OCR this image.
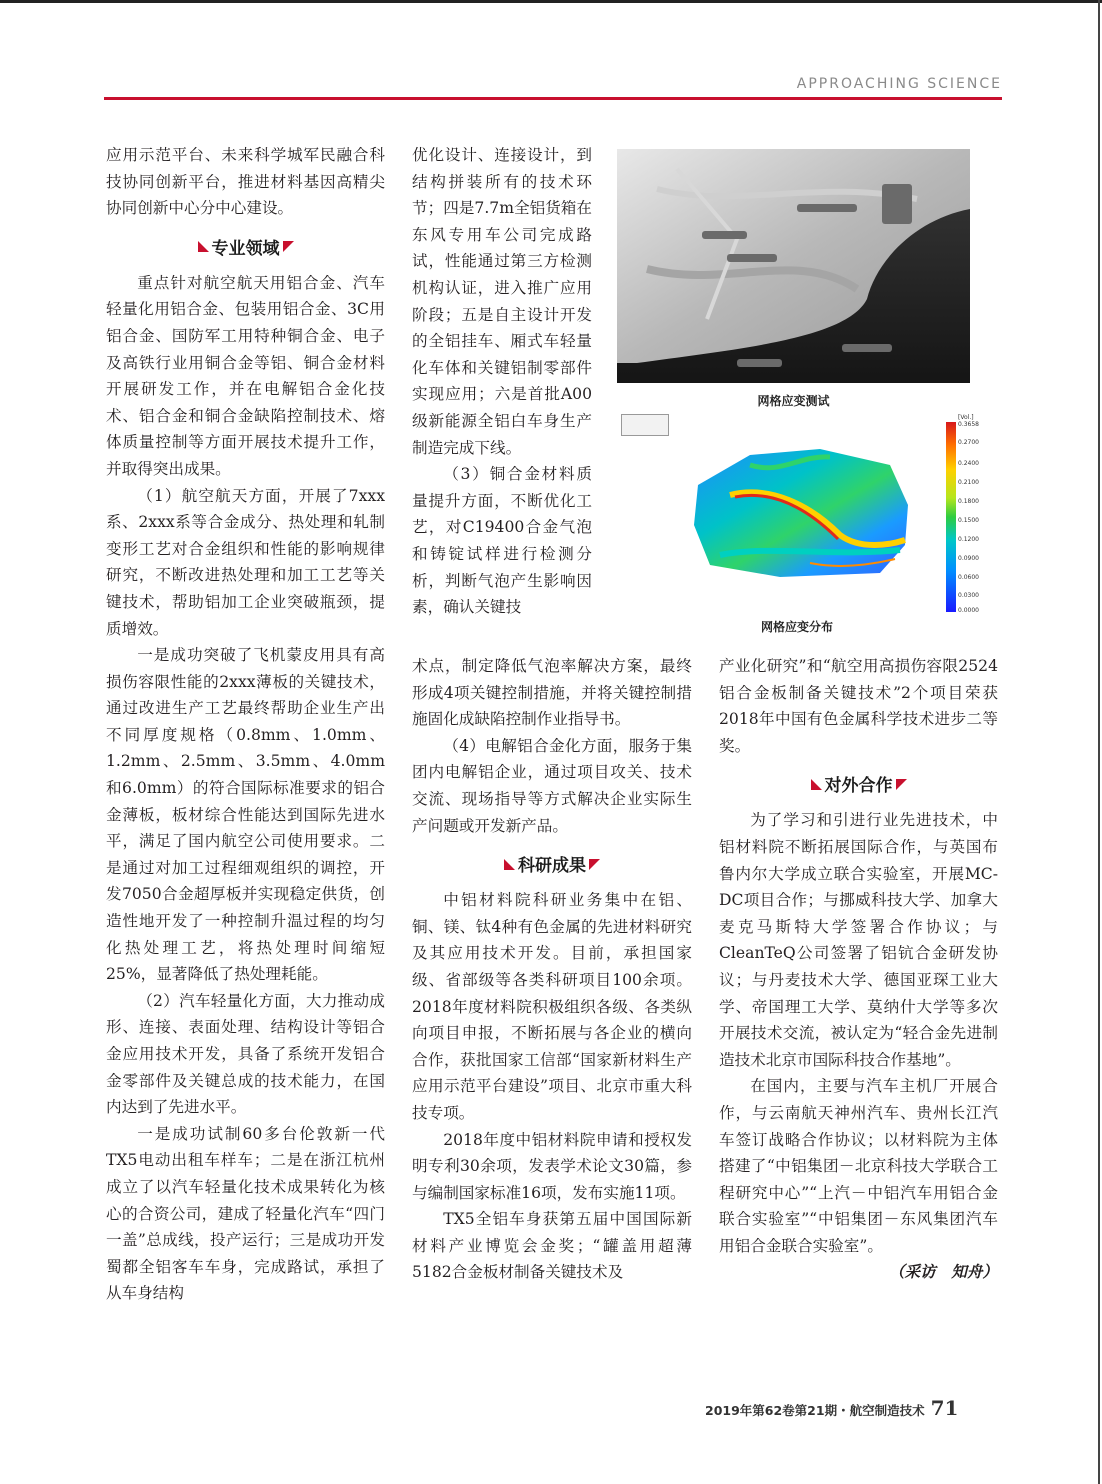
APPROACHING SCIENCE

应用示范平台、未来科学城军民融合科技协同创新平台，推进材料基因高精尖协同创新中心分中心建设。

专业领域

重点针对航空航天用铝合金、汽车轻量化用铝合金、包装用铝合金、3C用铝合金、国防军工用特种铜合金、电子及高铁行业用铜合金等铝、铜合金材料开展研发工作，并在电解铝合金化技术、铝合金和铜合金缺陷控制技术、熔体质量控制等方面开展技术提升工作，并取得突出成果。

（1）航空航天方面，开展了7xxx系、2xxx系等合金成分、热处理和轧制变形工艺对合金组织和性能的影响规律研究，不断改进热处理和加工工艺等关键技术，帮助铝加工企业突破瓶颈，提质增效。

一是成功突破了飞机蒙皮用具有高损伤容限性能的2xxx薄板的关键技术，通过改进生产工艺最终帮助企业生产出不同厚度规格（0.8mm、1.0mm、1.2mm、2.5mm、3.5mm、4.0mm和6.0mm）的符合国际标准要求的铝合金薄板，板材综合性能达到国际先进水平，满足了国内航空公司使用要求。二是通过对加工过程细观组织的调控，开发7050合金超厚板并实现稳定供货，创造性地开发了一种控制升温过程的均匀化热处理工艺，将热处理时间缩短25%，显著降低了热处理耗能。

（2）汽车轻量化方面，大力推动成形、连接、表面处理、结构设计等铝合金应用技术开发，具备了系统开发铝合金零部件及关键总成的技术能力，在国内达到了先进水平。

一是成功试制60多台伦敦新一代TX5电动出租车样车；二是在浙江杭州成立了以汽车轻量化技术成果转化为核心的合资公司，建成了轻量化汽车“四门一盖”总成线，投产运行；三是成功开发蜀都全铝客车车身，完成路试，承担了从车身结构

优化设计、连接设计，到结构拼装所有的技术环节；四是7.7m全铝货箱在东风专用车公司完成路试，性能通过第三方检测机构认证，进入推广应用阶段；五是自主设计开发的全铝挂车、厢式车轻量化车体和关键铝制零部件实现应用；六是首批A00级新能源全铝白车身生产制造完成下线。

（3）铜合金材料质量提升方面，不断优化工艺，对C19400合金气泡和铸锭试样进行检测分析，判断气泡产生影响因素，确认关键技

术点，制定降低气泡率解决方案，最终形成4项关键控制措施，并将关键控制措施固化成缺陷控制作业指导书。

（4）电解铝合金化方面，服务于集团内电解铝企业，通过项目攻关、技术交流、现场指导等方式解决企业实际生产问题或开发新产品。

科研成果

中铝材料院科研业务集中在铝、铜、镁、钛4种有色金属的先进材料研究及其应用技术开发。目前，承担国家级、省部级等各类科研项目100余项。2018年度材料院积极组织各级、各类纵向项目申报，不断拓展与各企业的横向合作，获批国家工信部“国家新材料生产应用示范平台建设”项目、北京市重大科技专项。

2018年度中铝材料院申请和授权发明专利30余项，发表学术论文30篇，参与编制国家标准16项，发布实施11项。

TX5全铝车身获第五届中国国际新材料产业博览会金奖；“罐盖用超薄5182合金板材制备关键技术及

产业化研究”和“航空用高损伤容限2524铝合金板制备关键技术”2个项目荣获2018年中国有色金属科学技术进步二等奖。

对外合作

为了学习和引进行业先进技术，中铝材料院不断拓展国际合作，与英国布鲁内尔大学成立联合实验室，开展MC-DC项目合作；与挪威科技大学、加拿大麦克马斯特大学签署合作协议；与CleanTeQ公司签署了铝钪合金研发协议；与丹麦技术大学、德国亚琛工业大学、帝国理工大学、莫纳什大学等多次开展技术交流，被认定为“轻合金先进制造技术北京市国际科技合作基地”。

在国内，主要与汽车主机厂开展合作，与云南航天神州汽车、贵州长江汽车签订战略合作协议；以材料院为主体搭建了“中铝集团－北京科技大学联合工程研究中心”“上汽－中铝汽车用铝合金联合实验室”“中铝集团－东风集团汽车用铝合金联合实验室”。

（采访　知舟）

网格应变测试
[Vol.]
0.3658
0.2700
0.2400
0.2100
0.1800
0.1500
0.1200
0.0900
0.0600
0.0300
0.0000
网格应变分布
2019年第62卷第21期・航空制造技术 71
